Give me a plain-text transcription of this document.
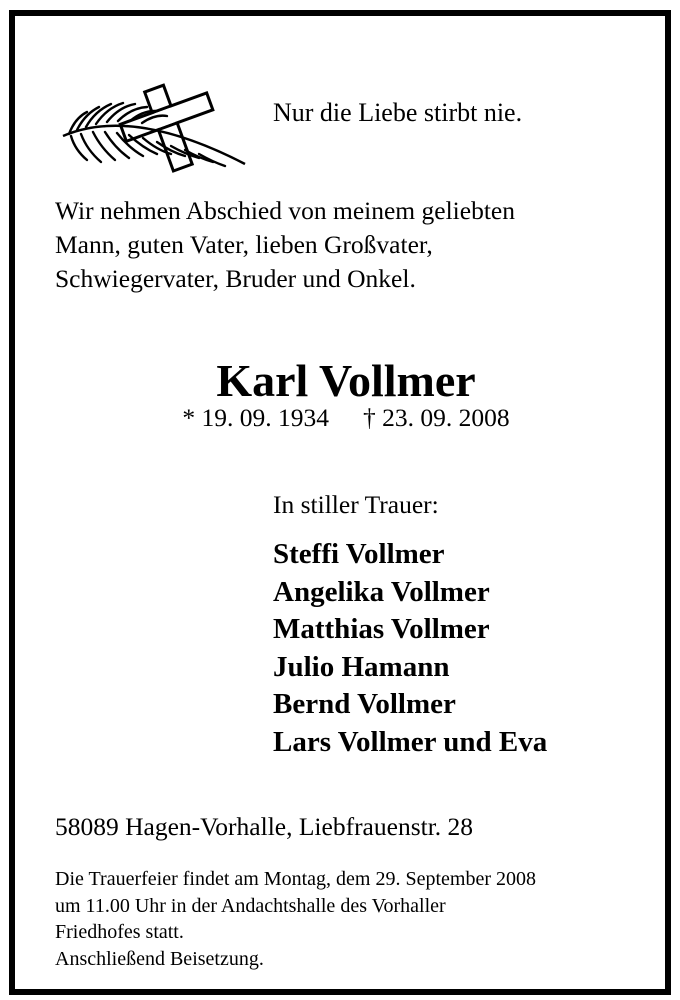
Nur die Liebe stirbt nie.
Wir nehmen Abschied von meinem geliebten
Mann, guten Vater, lieben Großvater,
Schwiegervater, Bruder und Onkel.
Karl Vollmer
* 19. 09. 1934 † 23. 09. 2008
In stiller Trauer:
Steffi Vollmer
Angelika Vollmer
Matthias Vollmer
Julio Hamann
Bernd Vollmer
Lars Vollmer und Eva
58089 Hagen-Vorhalle, Liebfrauenstr. 28
Die Trauerfeier findet am Montag, dem 29. September 2008
um 11.00 Uhr in der Andachtshalle des Vorhaller
Friedhofes statt.
Anschließend Beisetzung.
